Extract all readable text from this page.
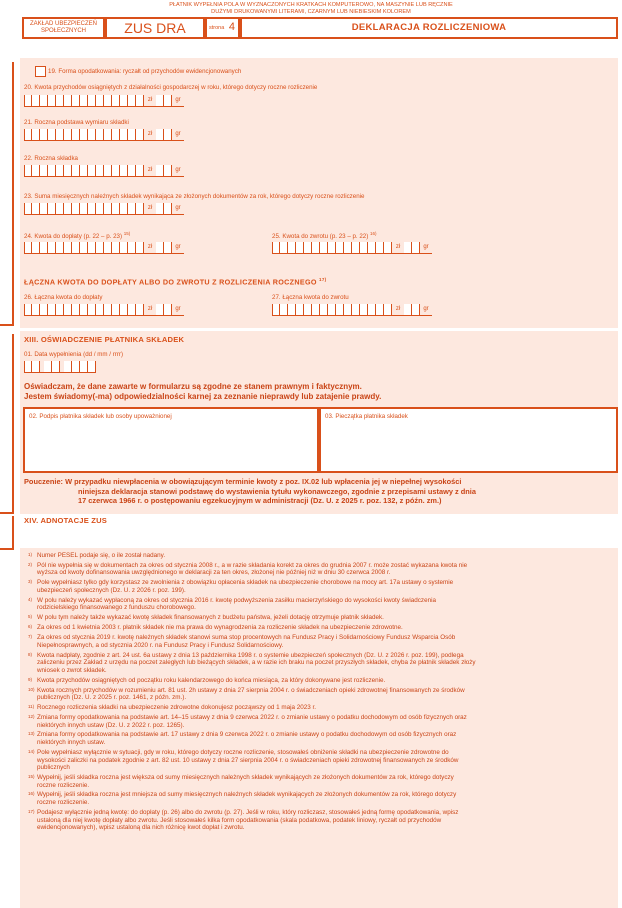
PŁATNIK WYPEŁNIA POLA W WYZNACZONYCH KRATKACH KOMPUTEROWO, NA MASZYNIE LUB RĘCZNIE
DUŻYMI DRUKOWANYMI LITERAMI, CZARNYM LUB NIEBIESKIM KOLOREM
ZAKŁAD UBEZPIECZEŃ SPOŁECZNYCH	ZUS DRA	strona 4	DEKLARACJA ROZLICZENIOWA
19. Forma opodatkowania: ryczałt od przychodów ewidencjonowanych
20. Kwota przychodów osiągniętych z działalności gospodarczej w roku, którego dotyczy roczne rozliczenie
zł	gr
21. Roczna podstawa wymiaru składki
zł	gr
22. Roczna składka
zł	gr
23. Suma miesięcznych należnych składek wynikająca ze złożonych dokumentów za rok, którego dotyczy roczne rozliczenie
zł	gr
24. Kwota do dopłaty (p. 22 – p. 23) $^{15)}$
zł	gr
25. Kwota do zwrotu (p. 23 – p. 22) $^{16)}$
zł	gr
ŁĄCZNA KWOTA DO DOPŁATY ALBO DO ZWROTU Z ROZLICZENIA ROCZNEGO $^{17)}$
26. Łączna kwota do dopłaty
zł	gr
27. Łączna kwota do zwrotu
zł	gr
XIII. OŚWIADCZENIE PŁATNIKA SKŁADEK
01. Data wypełnienia (dd / mm / rrrr)
Oświadczam, że dane zawarte w formularzu są zgodne ze stanem prawnym i faktycznym.
Jestem świadomy(-ma) odpowiedzialności karnej za zeznanie nieprawdy lub zatajenie prawdy.
02. Podpis płatnika składek lub osoby upoważnionej	03. Pieczątka płatnika składek
Pouczenie: W przypadku niewpłacenia w obowiązującym terminie kwoty z poz. IX.02 lub wpłacenia jej w niepełnej wysokości
niniejsza deklaracja stanowi podstawę do wystawienia tytułu wykonawczego, zgodnie z przepisami ustawy z dnia
17 czerwca 1966 r. o postępowaniu egzekucyjnym w administracji (Dz. U. z 2025 r. poz. 132, z późn. zm.)
XIV. ADNOTACJE ZUS
1) Numer PESEL podaje się, o ile został nadany.
2) Pól nie wypełnia się w dokumentach za okres od stycznia 2008 r., a w razie składania korekt za okres do grudnia 2007 r. może zostać wykazana kwota nie
wyższa od kwoty dofinansowania uwzględnionego w deklaracji za ten okres, złożonej nie później niż w dniu 30 czerwca 2008 r.
3) Pole wypełniasz tylko gdy korzystasz ze zwolnienia z obowiązku opłacenia składek na ubezpieczenie chorobowe na mocy art. 17a ustawy o systemie
ubezpieczeń społecznych (Dz. U. z 2026 r. poz. 199).
4) W polu należy wykazać wypłaconą za okres od stycznia 2016 r. kwotę podwyższenia zasiłku macierzyńskiego do wysokości kwoty świadczenia
rodzicielskiego finansowanego z funduszu chorobowego.
5) W polu tym należy także wykazać kwotę składek finansowanych z budżetu państwa, jeżeli dotację otrzymuje płatnik składek.
6) Za okres od 1 kwietnia 2003 r. płatnik składek nie ma prawa do wynagrodzenia za rozliczenie składek na ubezpieczenie zdrowotne.
7) Za okres od stycznia 2019 r. kwotę należnych składek stanowi suma stop procentowych na Fundusz Pracy i Solidarnościowy Fundusz Wsparcia Osób
Niepełnosprawnych, a od stycznia 2020 r. na Fundusz Pracy i Fundusz Solidarnościowy.
8) Kwota nadpłaty, zgodnie z art. 24 ust. 6a ustawy z dnia 13 października 1998 r. o systemie ubezpieczeń społecznych (Dz. U. z 2026 r. poz. 199), podlega
zaliczeniu przez Zakład z urzędu na poczet zaległych lub bieżących składek, a w razie ich braku na poczet przyszłych składek, chyba że płatnik składek złoży
wniosek o zwrot składek.
9) Kwota przychodów osiągniętych od początku roku kalendarzowego do końca miesiąca, za który dokonywane jest rozliczenie.
10) Kwota rocznych przychodów w rozumieniu art. 81 ust. 2h ustawy z dnia 27 sierpnia 2004 r. o świadczeniach opieki zdrowotnej finansowanych ze środków
publicznych (Dz. U. z 2025 r. poz. 1461, z późn. zm.).
11) Rocznego rozliczenia składki na ubezpieczenie zdrowotne dokonujesz począwszy od 1 maja 2023 r.
12) Zmiana formy opodatkowania na podstawie art. 14–15 ustawy z dnia 9 czerwca 2022 r. o zmianie ustawy o podatku dochodowym od osób fizycznych oraz
niektórych innych ustaw (Dz. U. z 2022 r. poz. 1265).
13) Zmiana formy opodatkowania na podstawie art. 17 ustawy z dnia 9 czerwca 2022 r. o zmianie ustawy o podatku dochodowym od osób fizycznych oraz
niektórych innych ustaw.
14) Pole wypełniasz wyłącznie w sytuacji, gdy w roku, którego dotyczy roczne rozliczenie, stosowałeś obniżenie składki na ubezpieczenie zdrowotne do
wysokości zaliczki na podatek zgodnie z art. 82 ust. 10 ustawy z dnia 27 sierpnia 2004 r. o świadczeniach opieki zdrowotnej finansowanych ze środków
publicznych
15) Wypełnij, jeśli składka roczna jest większa od sumy miesięcznych należnych składek wynikających ze złożonych dokumentów za rok, którego dotyczy
roczne rozliczenie.
16) Wypełnij, jeśli składka roczna jest mniejsza od sumy miesięcznych należnych składek wynikających ze złożonych dokumentów za rok, którego dotyczy
roczne rozliczenie.
17) Podajesz wyłącznie jedną kwotę: do dopłaty (p. 26) albo do zwrotu (p. 27). Jeśli w roku, który rozliczasz, stosowałeś jedną formę opodatkowania, wpisz
ustaloną dla niej kwotę dopłaty albo zwrotu. Jeśli stosowałeś kilka form opodatkowania (skala podatkowa, podatek liniowy, ryczałt od przychodów
ewidencjonowanych), wpisz ustaloną dla nich różnicę kwot dopłat i zwrotu.
